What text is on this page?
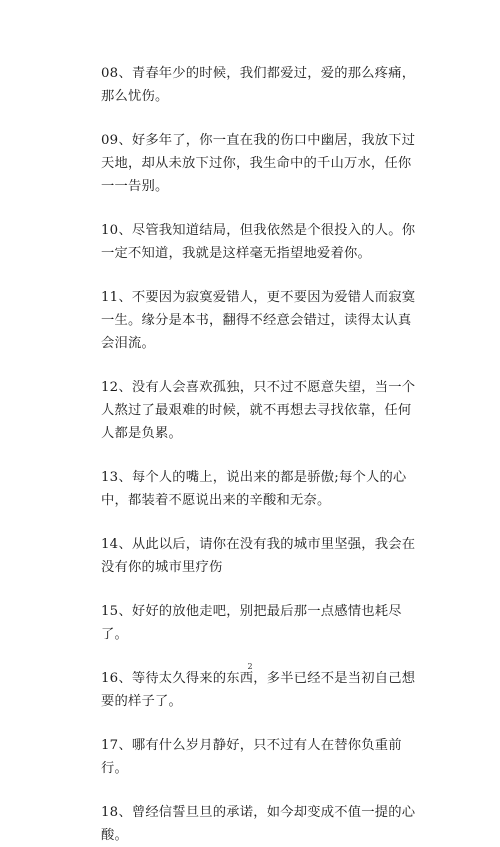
08、青春年少的时候，我们都爱过，爱的那么疼痛，那么忧伤。

09、好多年了，你一直在我的伤口中幽居，我放下过天地，却从未放下过你，我生命中的千山万水，任你一一告别。

10、尽管我知道结局，但我依然是个很投入的人。你一定不知道，我就是这样毫无指望地爱着你。

11、不要因为寂寞爱错人，更不要因为爱错人而寂寞一生。缘分是本书，翻得不经意会错过，读得太认真会泪流。

12、没有人会喜欢孤独，只不过不愿意失望，当一个人熬过了最艰难的时候，就不再想去寻找依靠，任何人都是负累。

13、每个人的嘴上，说出来的都是骄傲;每个人的心中，都装着不愿说出来的辛酸和无奈。

14、从此以后，请你在没有我的城市里坚强，我会在没有你的城市里疗伤

15、好好的放他走吧，别把最后那一点感情也耗尽了。

16、等待太久得来的东西，多半已经不是当初自己想要的样子了。

17、哪有什么岁月静好，只不过有人在替你负重前行。

18、曾经信誓旦旦的承诺，如今却变成不值一提的心酸。

2
